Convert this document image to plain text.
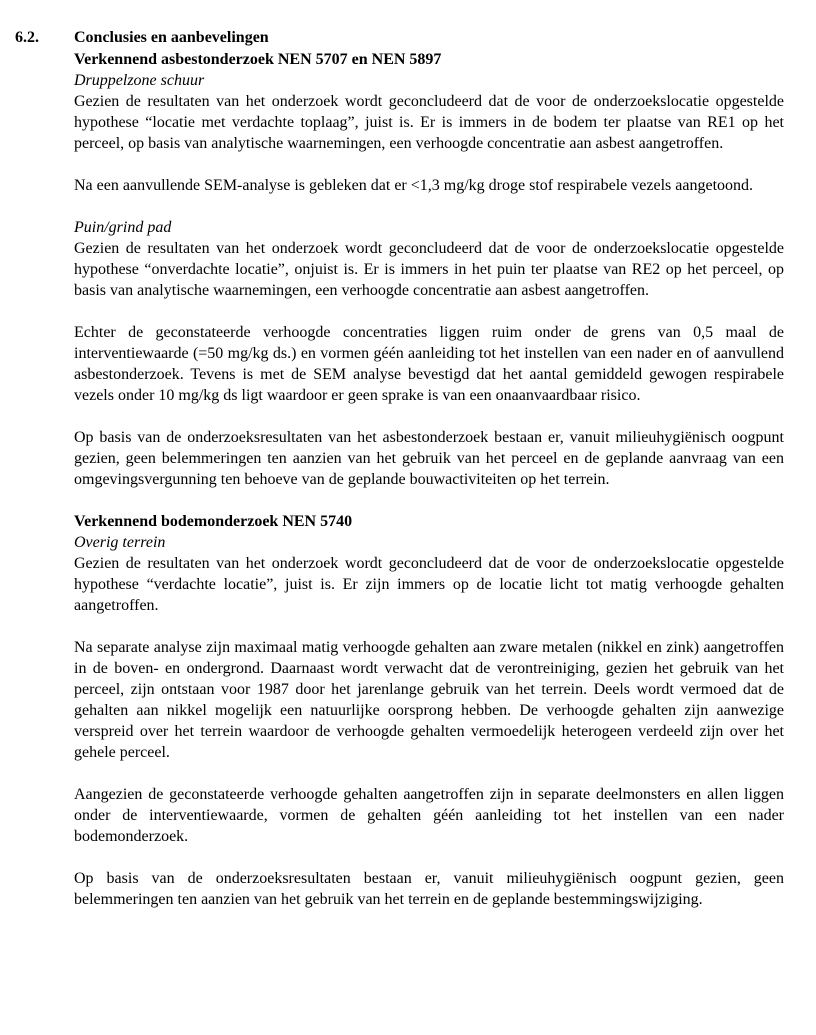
6.2. Conclusies en aanbevelingen

Verkennend asbestonderzoek NEN 5707 en NEN 5897

Druppelzone schuur

Gezien de resultaten van het onderzoek wordt geconcludeerd dat de voor de onderzoekslocatie opgestelde hypothese “locatie met verdachte toplaag”, juist is. Er is immers in de bodem ter plaatse van RE1 op het perceel, op basis van analytische waarnemingen, een verhoogde concentratie aan asbest aangetroffen.

Na een aanvullende SEM-analyse is gebleken dat er <1,3 mg/kg droge stof respirabele vezels aangetoond.

Puin/grind pad

Gezien de resultaten van het onderzoek wordt geconcludeerd dat de voor de onderzoekslocatie opgestelde hypothese “onverdachte locatie”, onjuist is. Er is immers in het puin ter plaatse van RE2 op het perceel, op basis van analytische waarnemingen, een verhoogde concentratie aan asbest aangetroffen.

Echter de geconstateerde verhoogde concentraties liggen ruim onder de grens van 0,5 maal de interventiewaarde (=50 mg/kg ds.) en vormen géén aanleiding tot het instellen van een nader en of aanvullend asbestonderzoek. Tevens is met de SEM analyse bevestigd dat het aantal gemiddeld gewogen respirabele vezels onder 10 mg/kg ds ligt waardoor er geen sprake is van een onaanvaardbaar risico.

Op basis van de onderzoeksresultaten van het asbestonderzoek bestaan er, vanuit milieuhygiënisch oogpunt gezien, geen belemmeringen ten aanzien van het gebruik van het perceel en de geplande aanvraag van een omgevingsvergunning ten behoeve van de geplande bouwactiviteiten op het terrein.

Verkennend bodemonderzoek NEN 5740

Overig terrein

Gezien de resultaten van het onderzoek wordt geconcludeerd dat de voor de onderzoekslocatie opgestelde hypothese “verdachte locatie”, juist is. Er zijn immers op de locatie licht tot matig verhoogde gehalten aangetroffen.

Na separate analyse zijn maximaal matig verhoogde gehalten aan zware metalen (nikkel en zink) aangetroffen in de boven- en ondergrond. Daarnaast wordt verwacht dat de verontreiniging, gezien het gebruik van het perceel, zijn ontstaan voor 1987 door het jarenlange gebruik van het terrein. Deels wordt vermoed dat de gehalten aan nikkel mogelijk een natuurlijke oorsprong hebben. De verhoogde gehalten zijn aanwezige verspreid over het terrein waardoor de verhoogde gehalten vermoedelijk heterogeen verdeeld zijn over het gehele perceel.

Aangezien de geconstateerde verhoogde gehalten aangetroffen zijn in separate deelmonsters en allen liggen onder de interventiewaarde, vormen de gehalten géén aanleiding tot het instellen van een nader bodemonderzoek.

Op basis van de onderzoeksresultaten bestaan er, vanuit milieuhygiënisch oogpunt gezien, geen belemmeringen ten aanzien van het gebruik van het terrein en de geplande bestemmingswijziging.
